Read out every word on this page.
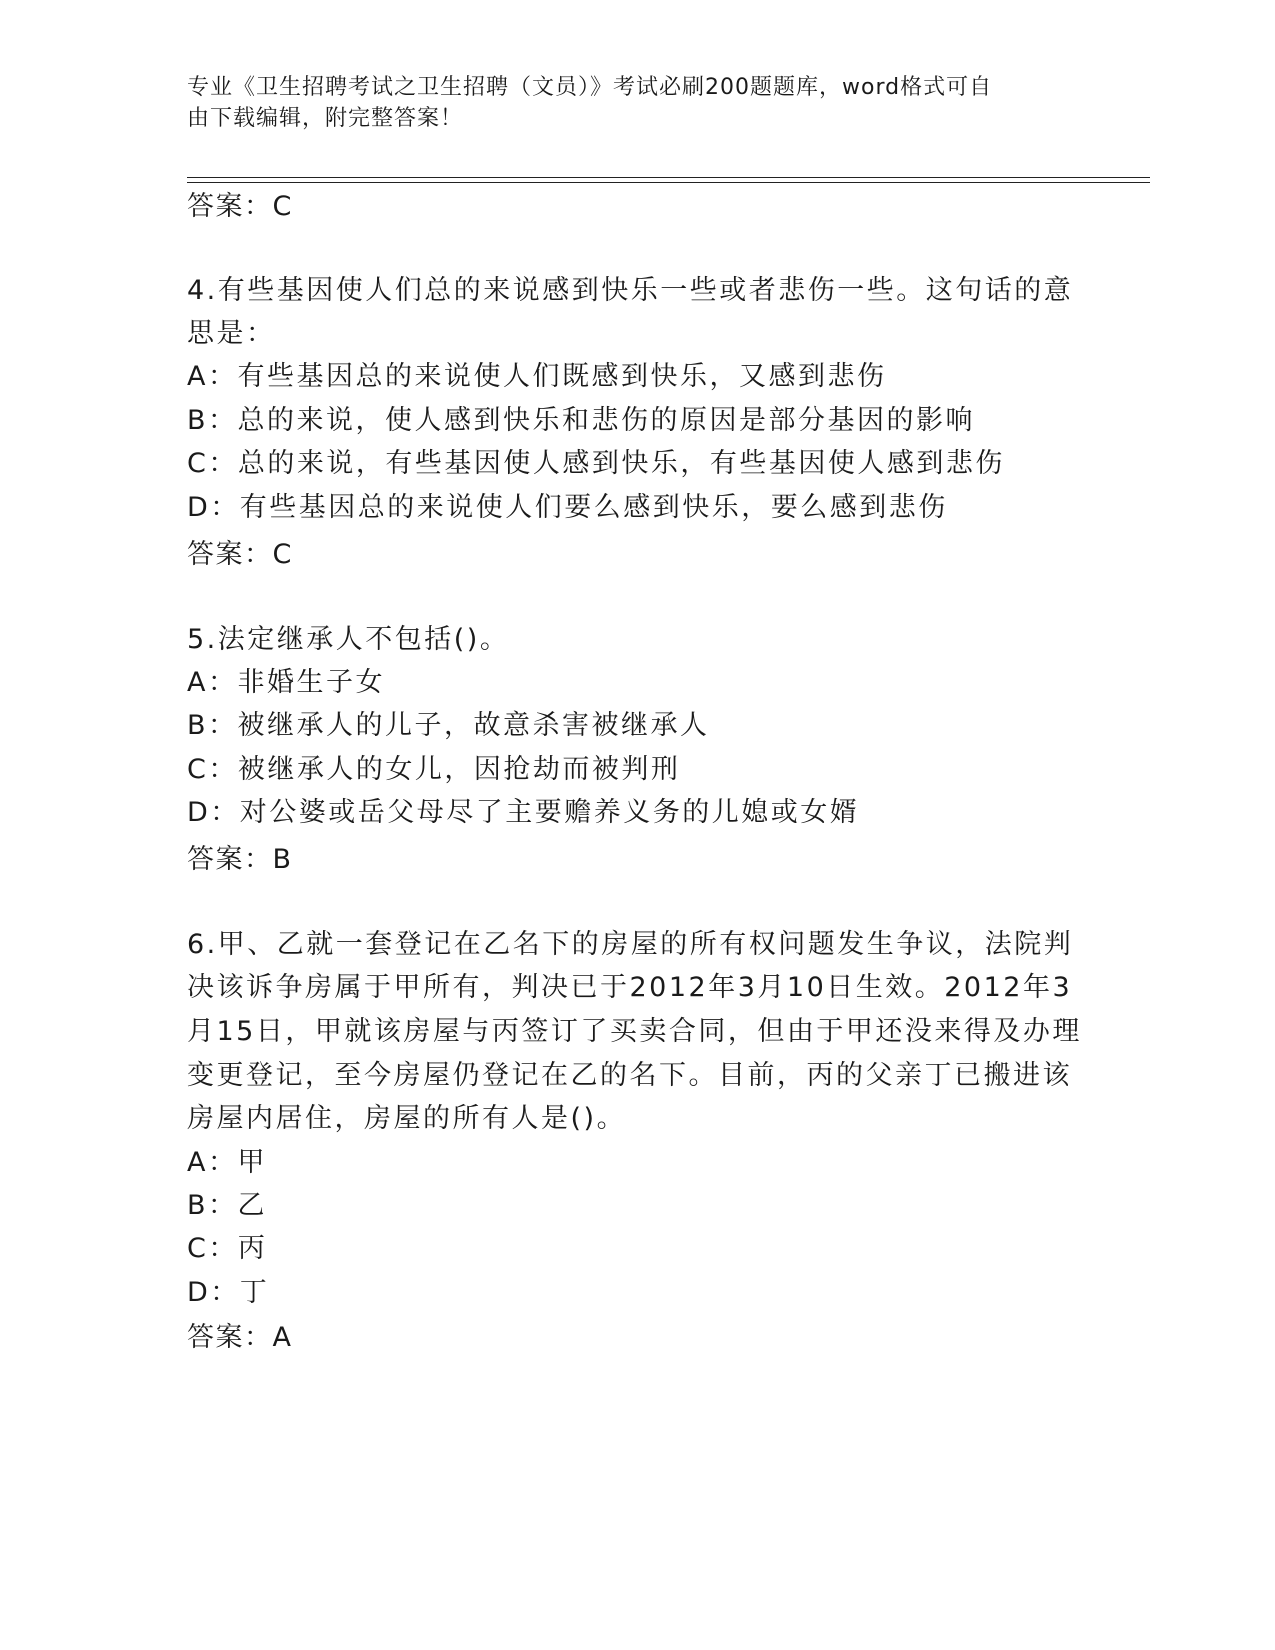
专业《卫生招聘考试之卫生招聘（文员）》考试必刷200题题库，word格式可自
由下载编辑，附完整答案！
答案：C
4.有些基因使人们总的来说感到快乐一些或者悲伤一些。这句话的意
思是：
A：有些基因总的来说使人们既感到快乐，又感到悲伤
B：总的来说，使人感到快乐和悲伤的原因是部分基因的影响
C：总的来说，有些基因使人感到快乐，有些基因使人感到悲伤
D：有些基因总的来说使人们要么感到快乐，要么感到悲伤
答案：C
5.法定继承人不包括()。
A：非婚生子女
B：被继承人的儿子，故意杀害被继承人
C：被继承人的女儿，因抢劫而被判刑
D：对公婆或岳父母尽了主要赡养义务的儿媳或女婿
答案：B
6.甲、乙就一套登记在乙名下的房屋的所有权问题发生争议，法院判
决该诉争房属于甲所有，判决已于2012年3月10日生效。2012年3
月15日，甲就该房屋与丙签订了买卖合同，但由于甲还没来得及办理
变更登记，至今房屋仍登记在乙的名下。目前，丙的父亲丁已搬进该
房屋内居住，房屋的所有人是()。
A：甲
B：乙
C：丙
D：丁
答案：A
